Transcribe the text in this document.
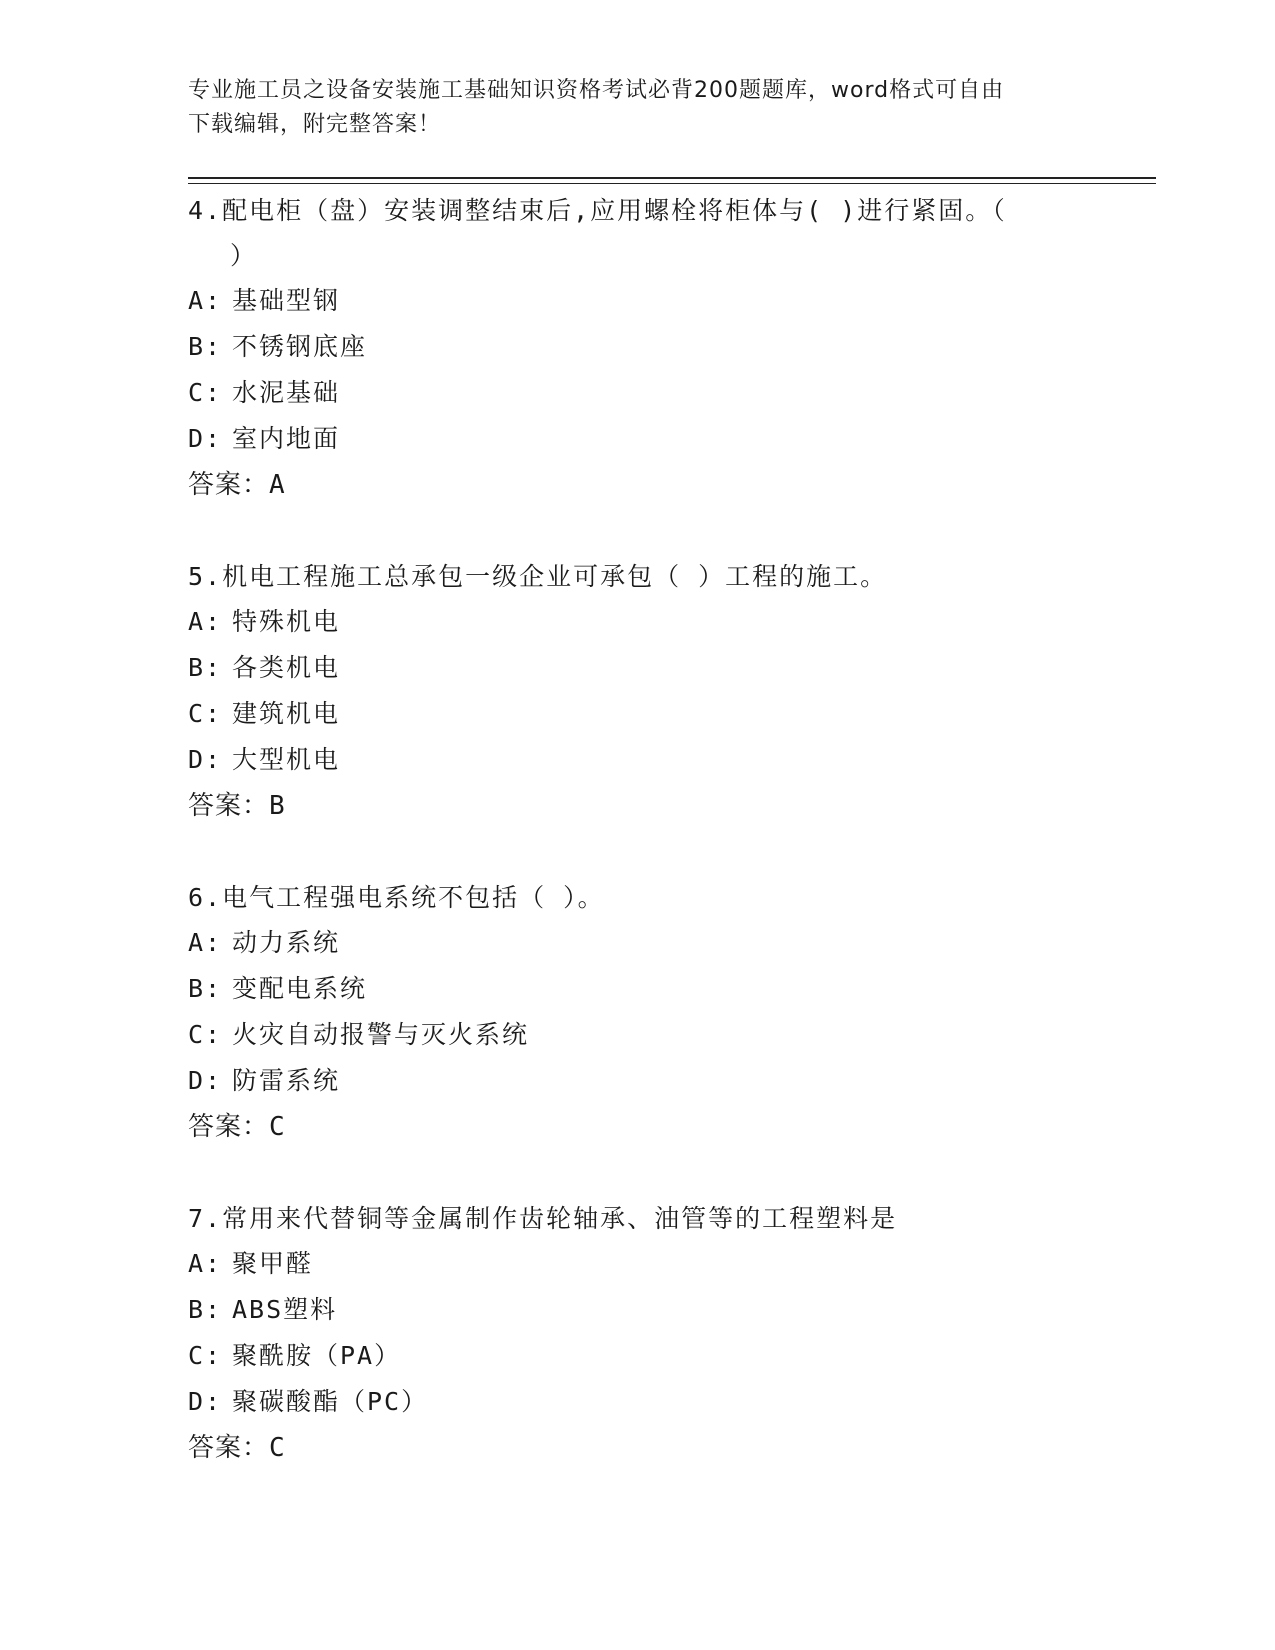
专业施工员之设备安装施工基础知识资格考试必背200题题库，word格式可自由
下载编辑，附完整答案！
4.配电柜（盘）安装调整结束后,应用螺栓将柜体与( )进行紧固。（
）
A: 基础型钢
B: 不锈钢底座
C: 水泥基础
D: 室内地面
答案：A
5.机电工程施工总承包一级企业可承包（ ）工程的施工。
A: 特殊机电
B: 各类机电
C: 建筑机电
D: 大型机电
答案：B
6.电气工程强电系统不包括（ ）。
A: 动力系统
B: 变配电系统
C: 火灾自动报警与灭火系统
D: 防雷系统
答案：C
7.常用来代替铜等金属制作齿轮轴承、油管等的工程塑料是
A: 聚甲醛
B: ABS塑料
C: 聚酰胺（PA）
D: 聚碳酸酯（PC）
答案：C
